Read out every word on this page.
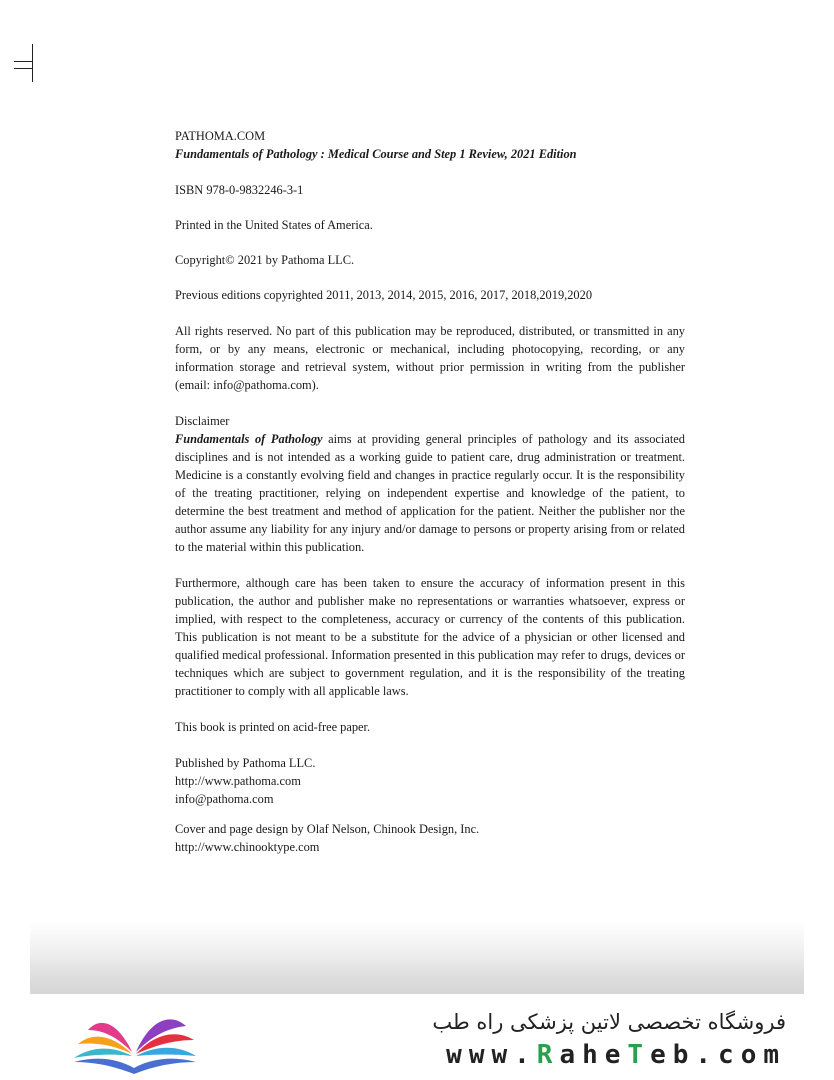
PATHOMA.COM

Fundamentals of Pathology : Medical Course and Step 1 Review, 2021 Edition

ISBN 978-0-9832246-3-1

Printed in the United States of America.

Copyright© 2021 by Pathoma LLC.

Previous editions copyrighted 2011, 2013, 2014, 2015, 2016, 2017, 2018,2019,2020

All rights reserved. No part of this publication may be reproduced, distributed, or transmitted in any form, or by any means, electronic or mechanical, including photocopying, recording, or any information storage and retrieval system, without prior permission in writing from the publisher (email: info@pathoma.com).

Disclaimer

Fundamentals of Pathology aims at providing general principles of pathology and its associated disciplines and is not intended as a working guide to patient care, drug administration or treatment. Medicine is a constantly evolving field and changes in practice regularly occur. It is the responsibility of the treating practitioner, relying on independent expertise and knowledge of the patient, to determine the best treatment and method of application for the patient. Neither the publisher nor the author assume any liability for any injury and/or damage to persons or property arising from or related to the material within this publication.

Furthermore, although care has been taken to ensure the accuracy of information present in this publication, the author and publisher make no representations or warranties whatsoever, express or implied, with respect to the completeness, accuracy or currency of the contents of this publication. This publication is not meant to be a substitute for the advice of a physician or other licensed and qualified medical professional. Information presented in this publication may refer to drugs, devices or techniques which are subject to government regulation, and it is the responsibility of the treating practitioner to comply with all applicable laws.

This book is printed on acid-free paper.

Published by Pathoma LLC.

http://www.pathoma.com

info@pathoma.com

Cover and page design by Olaf Nelson, Chinook Design, Inc.

http://www.chinooktype.com

فروشگاه تخصصی لاتین پزشکی راه طب
www.RaheTeb.com
